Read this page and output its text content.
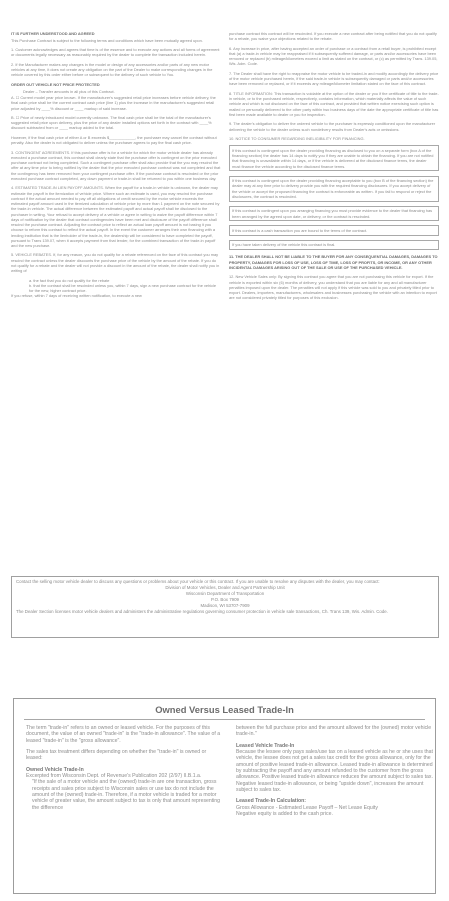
IT IS FURTHER UNDERSTOOD AND AGREED

This Purchase Contract is subject to the following terms and conditions which have been mutually agreed upon.

1. Customer acknowledges and agrees that time is of the essence and to execute any actions and all forms of agreement or documents legally necessary as reasonably required by the dealer to complete the transaction included herein.

2. If the Manufacturer makes any changes in the model or design of any accessories and/or parts of any new motor vehicles at any time, it does not create any obligation on the part of the Dealer to make corresponding changes in the vehicle covered by this order either before or subsequent to the delivery of such vehicle to You.

ORDER OUT VEHICLE NOT PRICE PROTECTED

Dealer – Transfer amounts in all plus of this Contract.

A. ☐ Current model year price known. If the manufacturer's suggested retail price increases before vehicle delivery, the final cash price shall be the current contract cash price (line 1) plus the increase in the manufacturer's suggested retail price adjusted by ____% discount or ____ markup of said increase.

B. ☐ Price of newly introduced model currently unknown. The final cash price shall be the total of the manufacturer's suggested retail price upon delivery, plus the price of any dealer installed options set forth in the contract with ____% discount subtracted from or ____ markup added to the total.

However, if the final cash price of either A or B exceeds $____________, the purchaser may cancel the contract without penalty. Also the dealer is not obligated to deliver unless the purchaser agrees to pay the final cash price.

3. CONTINGENT AGREEMENTS. If this purchase offer is for a vehicle for which the motor vehicle dealer has already executed a purchase contract, this contract shall clearly state that the purchase offer is contingent on the prior executed purchase contract not being completed. Such a contingent purchase offer shall also provide that the you may rescind the offer at any time prior to being notified by the dealer that the prior executed purchase contract was not completed and that the contingency has been removed from your contingent purchase offer. If the purchase contract is rescinded or the prior executed purchase contract completed, any down payment or trade-in shall be returned to you within one business day.

4. ESTIMATED TRADE-IN LIEN PAYOFF AMOUNTS. When the payoff for a trade-in vehicle is unknown, the dealer may estimate the payoff in the itemization of vehicle price. Where such an estimate is used, you may rescind the purchase contract if the actual amount needed to pay off all obligations of credit secured by the motor vehicle exceeds the estimated payoff amount used in the itemized calculation of vehicle price by more than 1 payment on the note secured by the trade-in vehicle. The actual difference between the estimated payoff and actual payoff shall be disclosed to the purchaser in writing. Your refusal to accept delivery of a vehicle or agree in writing to waive the payoff difference within 7 days of notification by the dealer that contract contingencies have been met and disclosure of the payoff difference shall rescind the purchase contract. Adjusting the contract price to reflect an actual loan payoff amount is not basing it you choose to reform this contract to reflect the actual payoff. In the event the customer arranges their own financing with a lending institution that is the lienholder of the trade-in, the dealership will be considered to have completed the payoff, pursuant to Trans 139.07, when it accepts payment from that lender, for the combined transaction of the trade-in payoff and the new purchase.

5. VEHICLE REBATES. If, for any reason, you do not qualify for a rebate referenced on the face of this contract you may rescind the contract unless the dealer discounts the purchase price of the vehicle by the amount of the rebate. If you do not qualify for a rebate and the dealer will not provide a discount in the amount of the rebate, the dealer shall notify you in writing of

a. the fact that you do not qualify for the rebate

b. that the contract shall be rescinded unless you, within 7 days, sign a new purchase contract for the vehicle for the new, higher contract price.

If you refuse, within 7 days of receiving written notification, to execute a new

purchase contract this contract will be rescinded. If you execute a new contract after being notified that you do not qualify for a rebate, you waive your objections related to the rebate.

6. Any increase in price, after having accepted an order of purchase or a contract from a retail buyer, is prohibited except that (a) a trade-in vehicle may be reappraised if it subsequently suffered damage, or parts and/or accessories have been removed or replaced (b) mileage/kilometers exceed a limit as stated on the contract, or (c) as permitted by Trans. 139.05, Wis. Adm. Code.

7. The Dealer shall have the right to reappraise the motor vehicle to be traded-in and modify accordingly the delivery price of the motor vehicle purchased herein, if the said trade-in vehicle is subsequently damaged or parts and/or accessories have been removed or replaced, or if it exceeds any mileage/kilometer limitation stated on the face of this contract.

8. TITLE INFORMATION: This transaction is voidable at the option of the dealer or you if the certificate of title to the trade-in vehicle, or to the purchased vehicle, respectively, contains information, which materially affects the value of such vehicle and which is not disclosed on the face of this contract, and provided that written notice exercising such option is mailed or personally delivered to the other party within two business days of the date the appropriate certificate of title has first been made available to dealer or you for inspection.

9. The dealer's obligation to deliver the ordered vehicle to the purchaser is expressly conditioned upon the manufacturer delivering the vehicle to the dealer unless such nondelivery results from Dealer's acts or omissions.

10. NOTICE TO CONSUMER REGARDING INELIGIBILITY FOR FINANCING.

If this contract is contingent upon the dealer providing financing as disclosed to you on a separate form (box A of the financing section) the dealer has 14 days to notify you if they are unable to obtain the financing. If you are not notified that financing is unavailable within 14 days, or if the vehicle is delivered at the disclosed finance terms, the dealer must finance the vehicle according to the disclosed finance terms.

If this contract is contingent upon the dealer providing financing acceptable to you (box B of the financing section) the dealer may at any time prior to delivery provide you with the required financing disclosures. If you accept delivery of the vehicle or accept the proposed financing the contract is enforceable as written. If you fail to respond or reject the disclosures, the contract is rescinded.

If this contract is contingent upon you arranging financing you must provide evidence to the dealer that financing has been arranged by the agreed upon date, or delivery, or the contract is rescinded.

If this contract is a cash transaction you are bound to the terms of the contract.

If you have taken delivery of the vehicle this contract is final.

11. THE DEALER SHALL NOT BE LIABLE TO THE BUYER FOR ANY CONSEQUENTIAL DAMAGES, DAMAGES TO PROPERTY, DAMAGES FOR LOSS OF USE, LOSS OF TIME, LOSS OF PROFITS, OR INCOME, OR ANY OTHER INCIDENTAL DAMAGES ARISING OUT OF THE SALE OR USE OF THE PURCHASED VEHICLE.

12. New Vehicle Sales only: By signing this contract you agree that you are not purchasing this vehicle for export. If the vehicle is exported within six (6) months of delivery, you understand that you are liable for any and all manufacturer penalties imposed upon the dealer. The penalties will not apply if this vehicle was sold to you and privately titled prior to export. Dealers, importers, manufacturers, wholesalers and businesses purchasing the vehicle with an intention to export are not considered privately titled for purposes of this exclusion.

Contact the selling motor vehicle dealer to discuss any questions or problems about your vehicle or this contract. If you are unable to resolve any disputes with the dealer, you may contact:
Division of Motor Vehicles, Dealer and Agent Partnership Unit
Wisconsin Department of Transportation
P.O. Box 7909
Madison, WI 53707-7909
The Dealer Section licenses motor vehicle dealers and administers the administrative regulations governing consumer protection in vehicle sale transactions, Ch. Trans 139, Wis. Admin. Code.
Owned Versus Leased Trade-In

The term "trade-in" refers to an owned or leased vehicle. For the purposes of this document, the value of an owned "trade-in" is the "trade-in allowance". The value of a leased "trade-in" is the "gross allowance".

The sales tax treatment differs depending on whether the "trade-in" is owned or leased:

Owned Vehicle Trade-In

Excerpted from Wisconsin Dept. of Revenue's Publication 202 (2/97) II.B.1.a.

"If the sale of a motor vehicle and the (owned) trade-in are one transaction, gross receipts and sales price subject to Wisconsin sales or use tax do not include the amount of the (owned) trade-in. Therefore, if a motor vehicle is traded for a motor vehicle of greater value, the amount subject to tax is only that amount representing the difference

between the full purchase price and the amount allowed for the (owned) motor vehicle trade-in."

Leased Vehicle Trade-In

Because the lessee only pays sales/use tax on a leased vehicle as he or she uses that vehicle, the lessee does not get a sales tax credit for the gross allowance, only for the amount of positive leased trade-in allowance. Leased trade-in allowance is determined by subtracting the payoff and any amount refunded to the customer from the gross allowance. Positive leased trade-in allowance reduces the amount subject to sales tax. Negative leased trade-in allowance, or being "upside down", increases the amount subject to sales tax.

Leased Trade-In Calculation:

Gross Allowance - Estimated Lease Payoff – Net Lease Equity

Negative equity is added to the cash price.
